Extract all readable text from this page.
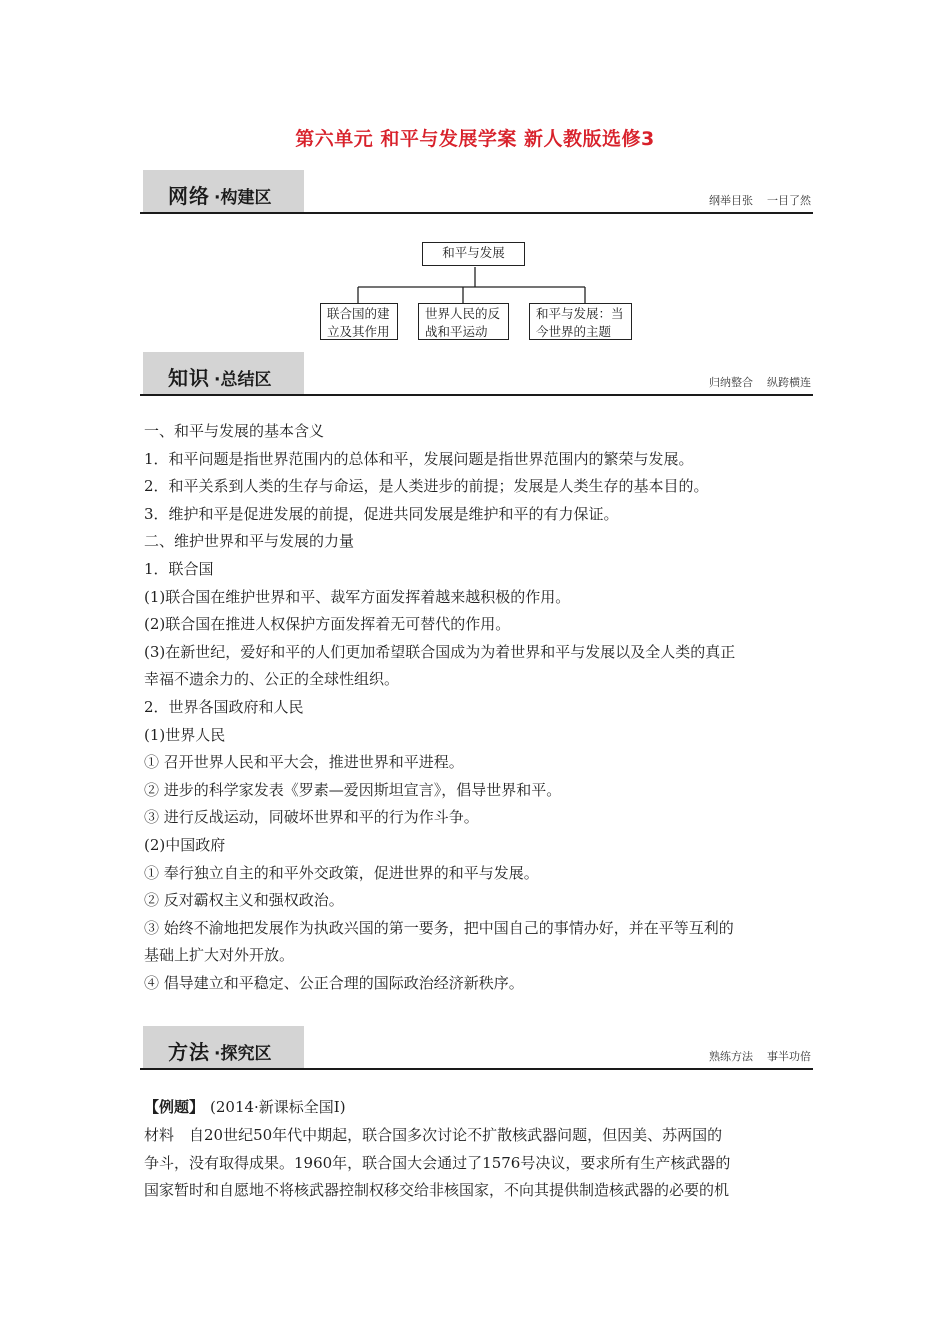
第六单元 和平与发展学案 新人教版选修3
网络 ·构建区	纲举目张    一目了然
和平与发展
联合国的建
立及其作用
世界人民的反
战和平运动
和平与发展：当
今世界的主题
知识 ·总结区	归纳整合    纵跨横连

一、和平与发展的基本含义

1．和平问题是指世界范围内的总体和平，发展问题是指世界范围内的繁荣与发展。

2．和平关系到人类的生存与命运，是人类进步的前提；发展是人类生存的基本目的。

3．维护和平是促进发展的前提，促进共同发展是维护和平的有力保证。

二、维护世界和平与发展的力量

1．联合国

(1)联合国在维护世界和平、裁军方面发挥着越来越积极的作用。

(2)联合国在推进人权保护方面发挥着无可替代的作用。

(3)在新世纪，爱好和平的人们更加希望联合国成为为着世界和平与发展以及全人类的真正

幸福不遗余力的、公正的全球性组织。

2．世界各国政府和人民

(1)世界人民

① 召开世界人民和平大会，推进世界和平进程。

② 进步的科学家发表《罗素—爱因斯坦宣言》，倡导世界和平。

③ 进行反战运动，同破坏世界和平的行为作斗争。

(2)中国政府

① 奉行独立自主的和平外交政策，促进世界的和平与发展。

② 反对霸权主义和强权政治。

③ 始终不渝地把发展作为执政兴国的第一要务，把中国自己的事情办好，并在平等互利的

基础上扩大对外开放。

④ 倡导建立和平稳定、公正合理的国际政治经济新秩序。

方法 ·探究区	熟练方法    事半功倍

【例题】 (2014·新课标全国Ⅰ)

材料　自20世纪50年代中期起，联合国多次讨论不扩散核武器问题，但因美、苏两国的

争斗，没有取得成果。1960年，联合国大会通过了1576号决议，要求所有生产核武器的

国家暂时和自愿地不将核武器控制权移交给非核国家，不向其提供制造核武器的必要的机
